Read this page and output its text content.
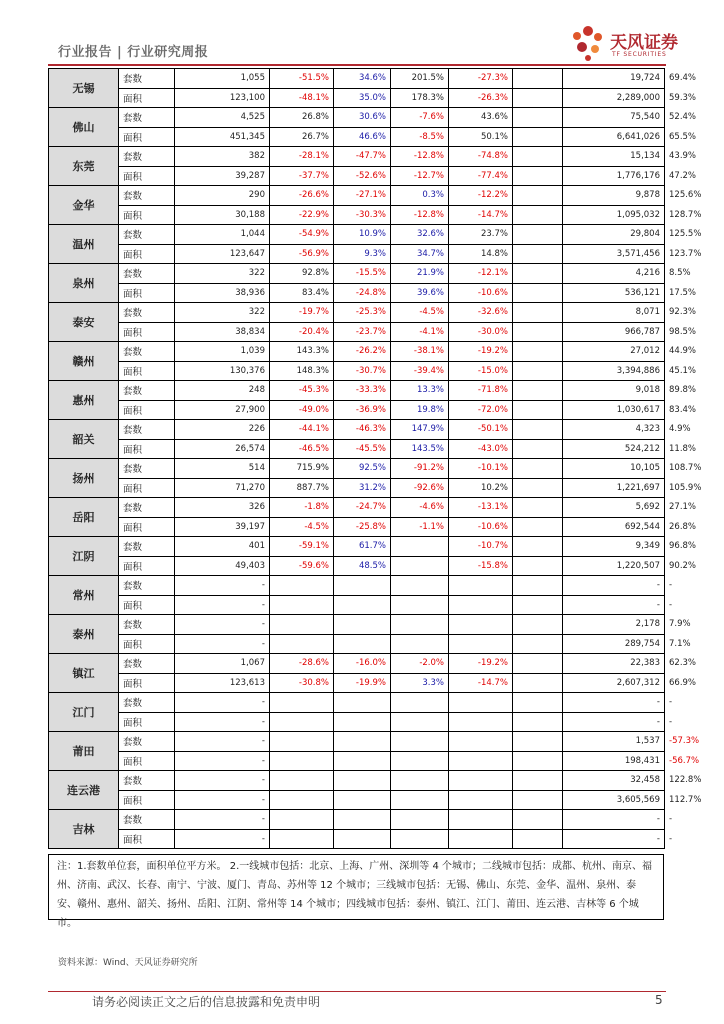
行业报告 | 行业研究周报	天风证券
TF SECURITIES
无锡	套数	1,055	-51.5%	34.6%	201.5%	-27.3%		19,724	69.4%
	面积	123,100	-48.1%	35.0%	178.3%	-26.3%		2,289,000	59.3%
佛山	套数	4,525	26.8%	30.6%	-7.6%	43.6%		75,540	52.4%
	面积	451,345	26.7%	46.6%	-8.5%	50.1%		6,641,026	65.5%
东莞	套数	382	-28.1%	-47.7%	-12.8%	-74.8%		15,134	43.9%
	面积	39,287	-37.7%	-52.6%	-12.7%	-77.4%		1,776,176	47.2%
金华	套数	290	-26.6%	-27.1%	0.3%	-12.2%		9,878	125.6%
	面积	30,188	-22.9%	-30.3%	-12.8%	-14.7%		1,095,032	128.7%
温州	套数	1,044	-54.9%	10.9%	32.6%	23.7%		29,804	125.5%
	面积	123,647	-56.9%	9.3%	34.7%	14.8%		3,571,456	123.7%
泉州	套数	322	92.8%	-15.5%	21.9%	-12.1%		4,216	8.5%
	面积	38,936	83.4%	-24.8%	39.6%	-10.6%		536,121	17.5%
泰安	套数	322	-19.7%	-25.3%	-4.5%	-32.6%		8,071	92.3%
	面积	38,834	-20.4%	-23.7%	-4.1%	-30.0%		966,787	98.5%
赣州	套数	1,039	143.3%	-26.2%	-38.1%	-19.2%		27,012	44.9%
	面积	130,376	148.3%	-30.7%	-39.4%	-15.0%		3,394,886	45.1%
惠州	套数	248	-45.3%	-33.3%	13.3%	-71.8%		9,018	89.8%
	面积	27,900	-49.0%	-36.9%	19.8%	-72.0%		1,030,617	83.4%
韶关	套数	226	-44.1%	-46.3%	147.9%	-50.1%		4,323	4.9%
	面积	26,574	-46.5%	-45.5%	143.5%	-43.0%		524,212	11.8%
扬州	套数	514	715.9%	92.5%	-91.2%	-10.1%		10,105	108.7%
	面积	71,270	887.7%	31.2%	-92.6%	10.2%		1,221,697	105.9%
岳阳	套数	326	-1.8%	-24.7%	-4.6%	-13.1%		5,692	27.1%
	面积	39,197	-4.5%	-25.8%	-1.1%	-10.6%		692,544	26.8%
江阴	套数	401	-59.1%	61.7%		-10.7%		9,349	96.8%
	面积	49,403	-59.6%	48.5%		-15.8%		1,220,507	90.2%
常州	套数	-						-	-
	面积	-						-	-
泰州	套数	-						2,178	7.9%
	面积	-						289,754	7.1%
镇江	套数	1,067	-28.6%	-16.0%	-2.0%	-19.2%		22,383	62.3%
	面积	123,613	-30.8%	-19.9%	3.3%	-14.7%		2,607,312	66.9%
江门	套数	-						-	-
	面积	-						-	-
莆田	套数	-						1,537	-57.3%
	面积	-						198,431	-56.7%
连云港	套数	-						32,458	122.8%
	面积	-						3,605,569	112.7%
吉林	套数	-						-	-
	面积	-						-	-
注：1.套数单位套，面积单位平方米。 2.一线城市包括：北京、上海、广州、深圳等 4 个城市；二线城市包括：成都、杭州、南京、福州、济南、武汉、长春、南宁、宁波、厦门、青岛、苏州等 12 个城市；三线城市包括：无锡、佛山、东莞、金华、温州、泉州、泰安、赣州、惠州、韶关、扬州、岳阳、江阴、常州等 14 个城市；四线城市包括：泰州、镇江、江门、莆田、连云港、吉林等 6 个城市。
资料来源：Wind、天风证券研究所
请务必阅读正文之后的信息披露和免责申明	5
